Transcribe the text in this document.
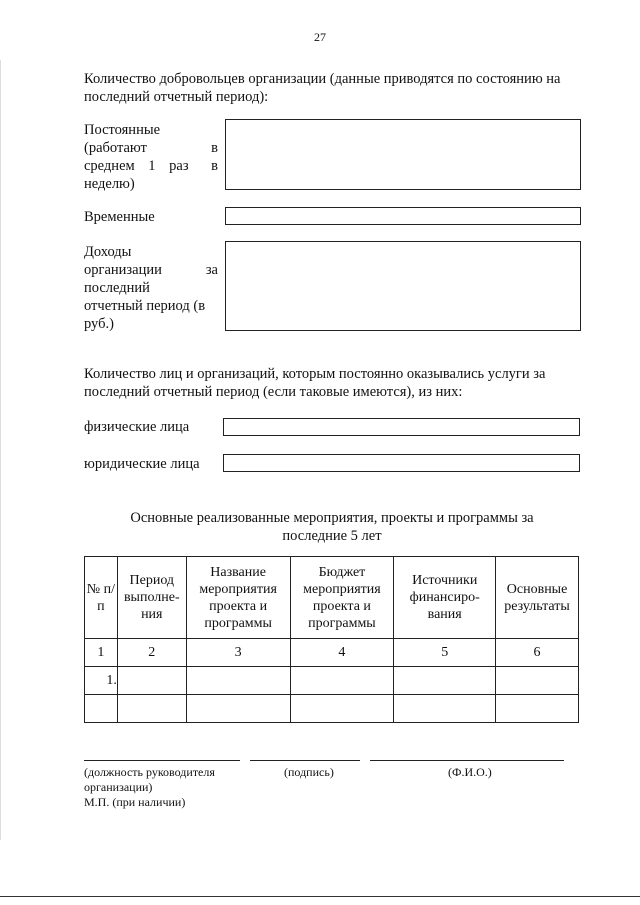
27
Количество добровольцев организации (данные приводятся по состоянию на последний отчетный период):
Постоянные
(работают	в
среднем 1 раз в
неделю)
Временные
Доходы
организации	за
последний
отчетный период (в
руб.)
Количество лиц и организаций, которым постоянно оказывались услуги за последний отчетный период (если таковые имеются), из них:
физические лица
юридические лица
Основные реализованные мероприятия, проекты и программы за последние 5 лет
№ п/п	Период выполне-ния	Название мероприятия проекта и программы	Бюджет мероприятия проекта и программы	Источники финансиро-вания	Основные результаты
1	2	3	4	5	6
1.					

(должность руководителя организации)
(подпись)	(Ф.И.О.)
М.П. (при наличии)
